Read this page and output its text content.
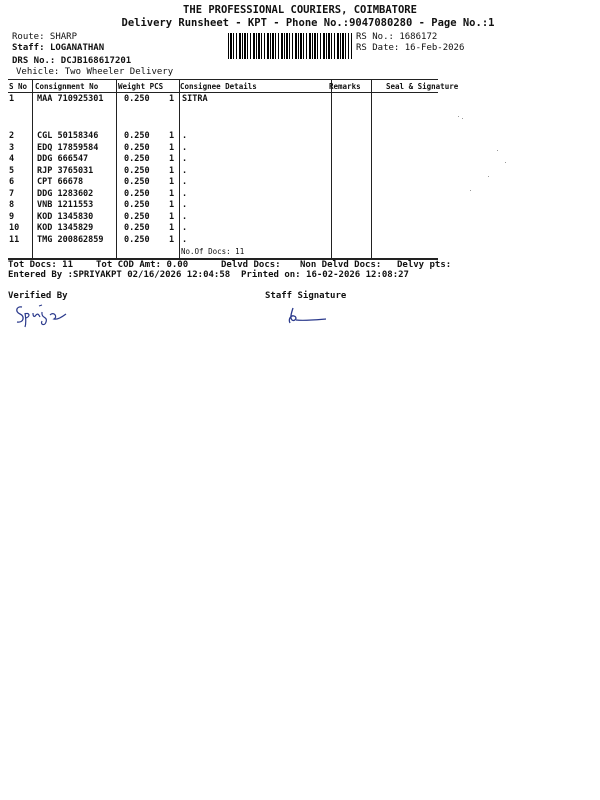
THE PROFESSIONAL COURIERS, COIMBATORE
Delivery Runsheet - KPT - Phone No.:9047080280 - Page No.:1
Route: SHARP
Staff: LOGANATHAN
DRS No.: DCJB168617201
Vehicle: Two Wheeler Delivery
RS No.: 1686172
RS Date: 16-Feb-2026
S No Consignment No	Weight PCS Consignee Details	Remarks	Seal & Signature
1	MAA 710925301 0.250 1 SITRA
2	CGL 50158346	0.250 1 .
3	EDQ 17859584	0.250 1 .
4	DDG 666547	0.250 1 .
5	RJP 3765031	0.250 1 .
6	CPT 66678	0.250 1 .
7	DDG 1283602	0.250 1 .
8	VNB 1211553	0.250 1 .
9	KOD 1345830	0.250 1 .
10 KOD 1345829	0.250 1 .
11 TMG 200862859 0.250 1 .
No.Of Docs: 11
Tot Docs: 11	Tot COD Amt: 0.00	Delvd Docs: Non Delvd Docs: Delvy pts:
Entered By :SPRIYAKPT 02/16/2026 12:04:58 Printed on: 16-02-2026 12:08:27
Verified By	Staff Signature
